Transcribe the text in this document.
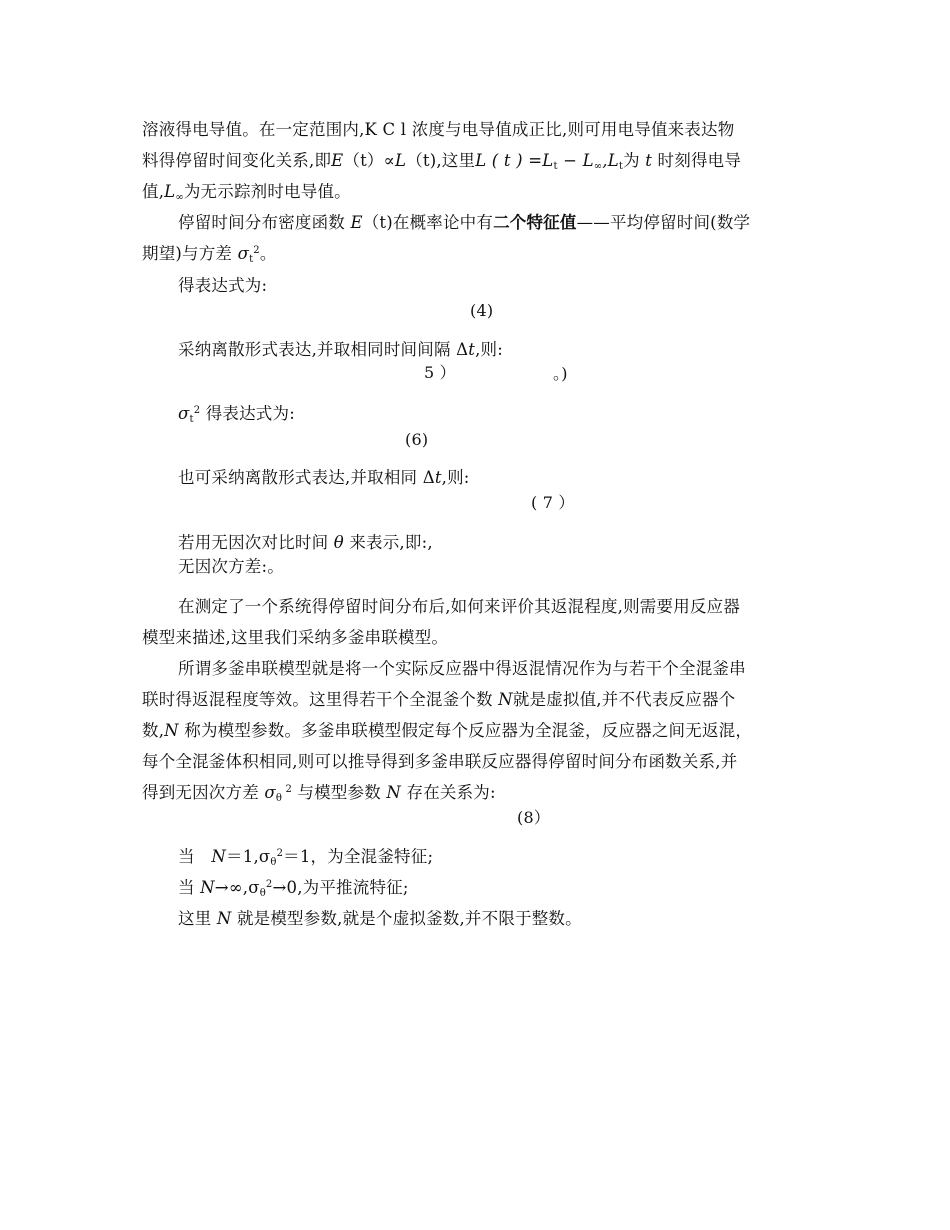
溶液得电导值。在一定范围内,K C l 浓度与电导值成正比,则可用电导值来表达物
料得停留时间变化关系,即E（t）∝L（t),这里L ( t ) $=L_t - L_\infty,L_t$为 t 时刻得电导
值$,L_\infty$为无示踪剂时电导值。
停留时间分布密度函数 E（t)在概率论中有二个特征值——平均停留时间(数学
期望)与方差 $\sigma_t^2$。
得表达式为:
(4)
采纳离散形式表达,并取相同时间间隔 Δt,则:
5 ）	。)
$\sigma_t^2$ 得表达式为:
(6)
也可采纳离散形式表达,并取相同 Δt,则:
( 7 ）
若用无因次对比时间 θ 来表示,即:,
无因次方差:。
在测定了一个系统得停留时间分布后,如何来评价其返混程度,则需要用反应器
模型来描述,这里我们采纳多釜串联模型。
所谓多釜串联模型就是将一个实际反应器中得返混情况作为与若干个全混釜串
联时得返混程度等效。这里得若干个全混釜个数 N就是虚拟值,并不代表反应器个
数,N 称为模型参数。多釜串联模型假定每个反应器为全混釜，反应器之间无返混，
每个全混釜体积相同,则可以推导得到多釜串联反应器得停留时间分布函数关系,并
得到无因次方差 $\sigma_\theta$ $^2$ 与模型参数 N 存在关系为:
(8）
当　$N=1,\sigma_\theta^2=1$，为全混釜特征;
当 $N\to\infty,\sigma_\theta^2\to 0$,为平推流特征;
这里 N 就是模型参数,就是个虚拟釜数,并不限于整数。
